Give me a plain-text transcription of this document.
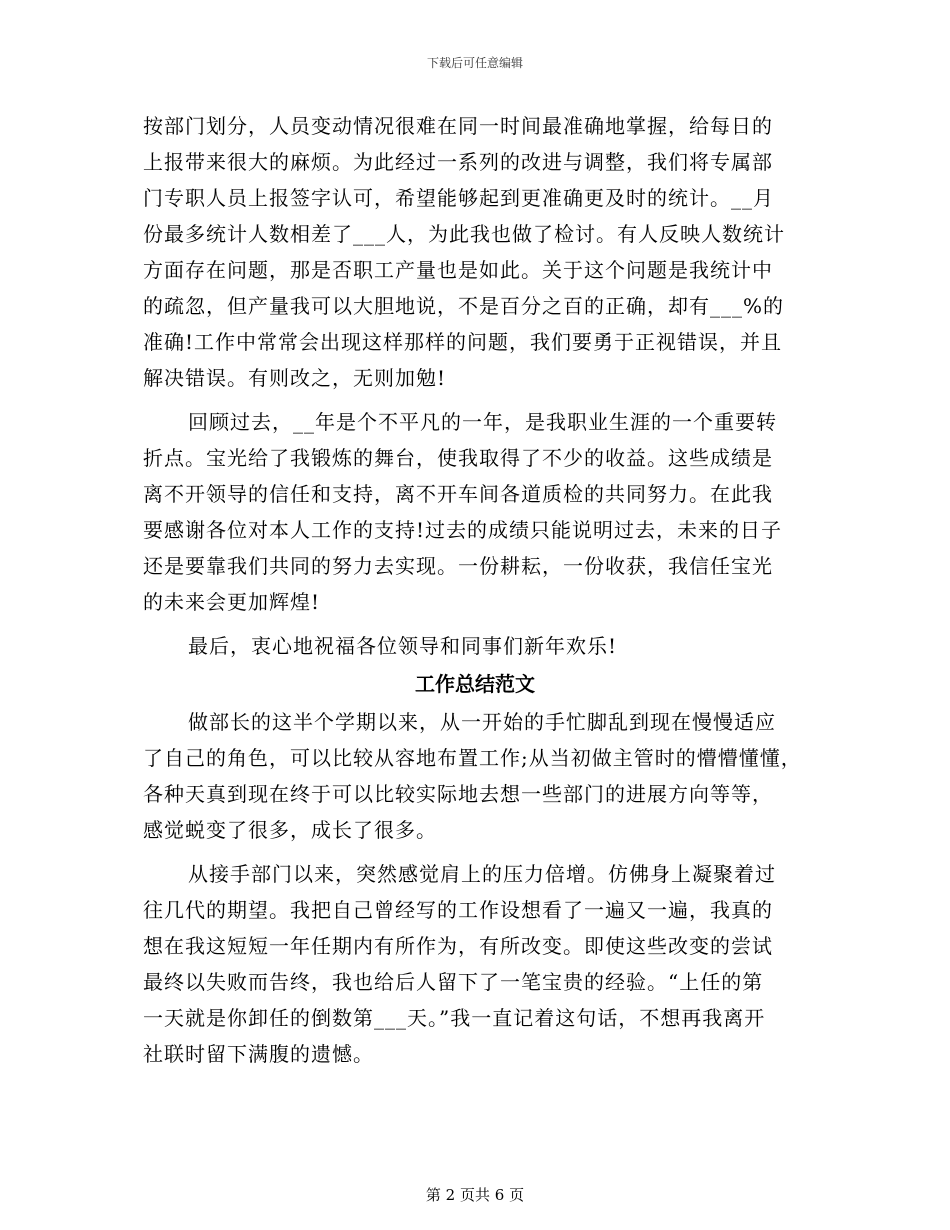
下载后可任意编辑
按部门划分，人员变动情况很难在同一时间最准确地掌握，给每日的
上报带来很大的麻烦。为此经过一系列的改进与调整，我们将专属部
门专职人员上报签字认可，希望能够起到更准确更及时的统计。__月
份最多统计人数相差了___人，为此我也做了检讨。有人反映人数统计
方面存在问题，那是否职工产量也是如此。关于这个问题是我统计中
的疏忽，但产量我可以大胆地说，不是百分之百的正确，却有___%的
准确!工作中常常会出现这样那样的问题，我们要勇于正视错误，并且
解决错误。有则改之，无则加勉!
回顾过去，__年是个不平凡的一年，是我职业生涯的一个重要转
折点。宝光给了我锻炼的舞台，使我取得了不少的收益。这些成绩是
离不开领导的信任和支持，离不开车间各道质检的共同努力。在此我
要感谢各位对本人工作的支持!过去的成绩只能说明过去，未来的日子
还是要靠我们共同的努力去实现。一份耕耘，一份收获，我信任宝光
的未来会更加辉煌!
最后，衷心地祝福各位领导和同事们新年欢乐!
工作总结范文
做部长的这半个学期以来，从一开始的手忙脚乱到现在慢慢适应
了自己的角色，可以比较从容地布置工作;从当初做主管时的懵懵懂懂，
各种天真到现在终于可以比较实际地去想一些部门的进展方向等等，
感觉蜕变了很多，成长了很多。
从接手部门以来，突然感觉肩上的压力倍增。仿佛身上凝聚着过
往几代的期望。我把自己曾经写的工作设想看了一遍又一遍，我真的
想在我这短短一年任期内有所作为，有所改变。即使这些改变的尝试
最终以失败而告终，我也给后人留下了一笔宝贵的经验。“上任的第
一天就是你卸任的倒数第___天。”我一直记着这句话，不想再我离开
社联时留下满腹的遗憾。
第 2 页共 6 页
